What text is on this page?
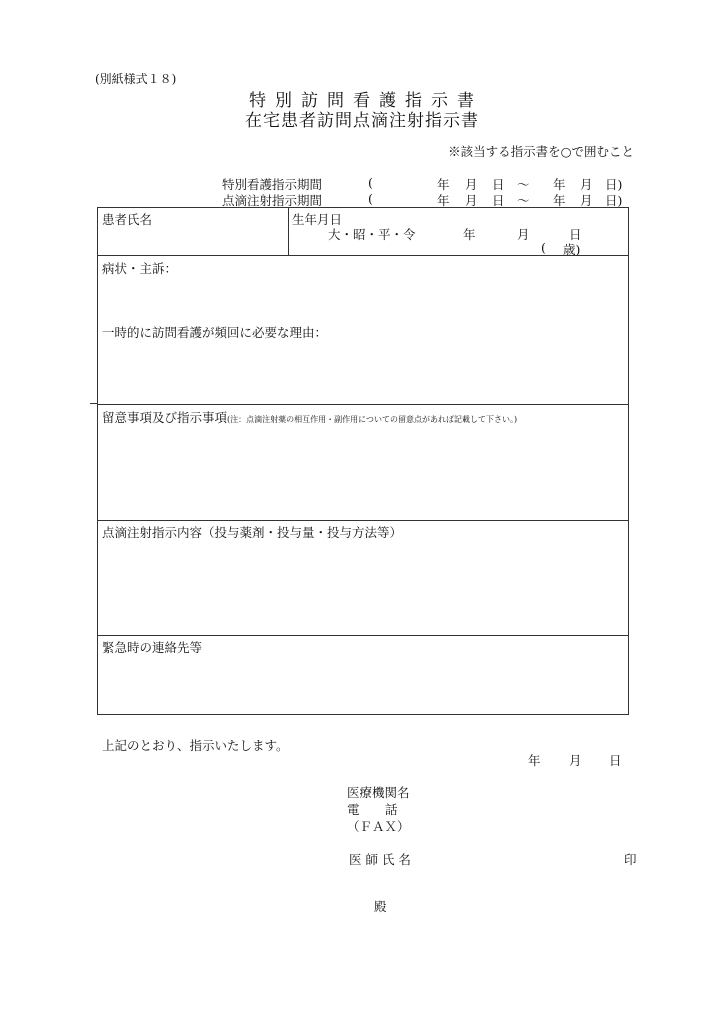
(別紙様式１８)
特別訪問看護指示書
在宅患者訪問点滴注射指示書
※該当する指示書を○で囲むこと
特別看護指示期間	(	年 月 日 ～ 年 月 日)
点滴注射指示期間	(	年 月 日 ～ 年 月 日)
患者氏名	生年月日
大・昭・平・令	年	月	日
( 歳)
病状・主訴：
一時的に訪問看護が頻回に必要な理由：
留意事項及び指示事項(注：点滴注射薬の相互作用・副作用についての留意点があれば記載して下さい。)
点滴注射指示内容（投与薬剤・投与量・投与方法等）
緊急時の連絡先等
上記のとおり、指示いたします。
年 月 日
医療機関名
電 話
（ＦＡＸ）
医 師 氏 名	印
殿
